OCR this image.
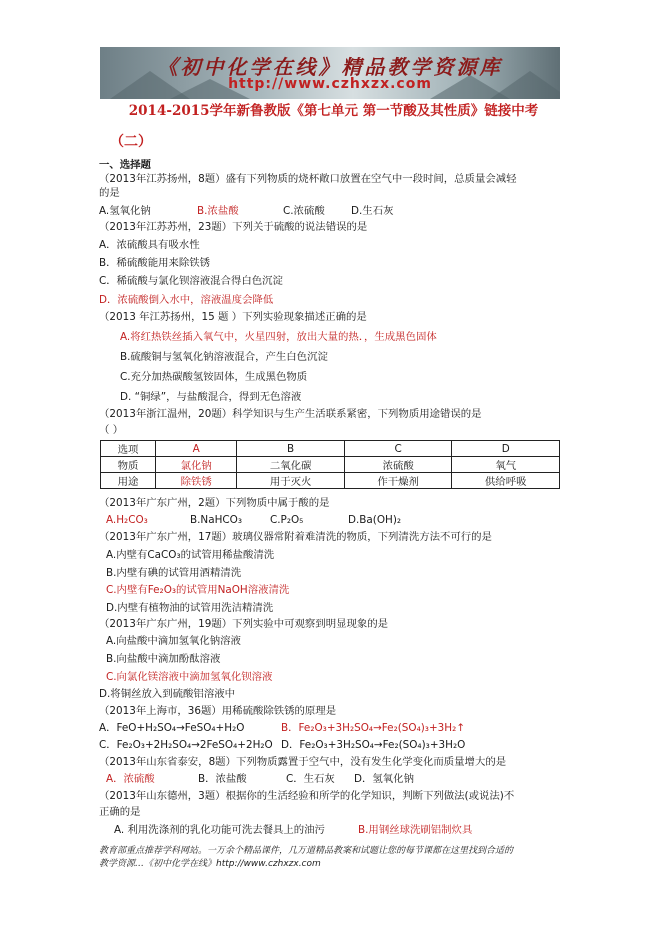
《初中化学在线》精品教学资源库
http://www.czhxzx.com
2014-2015学年新鲁教版《第七单元 第一节酸及其性质》链接中考
（二）
一、选择题
（2013年江苏扬州，8题）盛有下列物质的烧杯敞口放置在空气中一段时间，总质量会减轻
的是
A.氢氧化钠	B.浓盐酸	C.浓硫酸	D.生石灰
（2013年江苏苏州，23题）下列关于硫酸的说法错误的是
A．浓硫酸具有吸水性
B．稀硫酸能用来除铁锈
C．稀硫酸与氯化钡溶液混合得白色沉淀
D．浓硫酸倒入水中，溶液温度会降低
（2013 年江苏扬州，15 题 ）下列实验现象描述正确的是
A.将红热铁丝插入氧气中，火星四射，放出大量的热．，生成黑色固体
B.硫酸铜与氢氧化钠溶液混合，产生白色沉淀
C.充分加热碳酸氢铵固体，生成黑色物质
D. “铜绿”，与盐酸混合，得到无色溶液
（2013年浙江温州，20题）科学知识与生产生活联系紧密，下列物质用途错误的是
（ ）
选项	A	B	C	D
物质	氯化钠	二氧化碳	浓硫酸	氧气
用途	除铁锈	用于灭火	作干燥剂	供给呼吸
（2013年广东广州，2题）下列物质中属于酸的是
A.H₂CO₃	B.NaHCO₃	C.P₂O₅	D.Ba(OH)₂
（2013年广东广州，17题）玻璃仪器常附着难清洗的物质，下列清洗方法不可行的是
A.内壁有CaCO₃的试管用稀盐酸清洗
B.内壁有碘的试管用酒精清洗
C.内壁有Fe₂O₃的试管用NaOH溶液清洗
D.内壁有植物油的试管用洗洁精清洗
（2013年广东广州，19题）下列实验中可观察到明显现象的是
A.向盐酸中滴加氢氧化钠溶液
B.向盐酸中滴加酚酞溶液
C.向氯化镁溶液中滴加氢氧化钡溶液
D.将铜丝放入到硫酸铝溶液中
（2013年上海市，36题）用稀硫酸除铁锈的原理是
A．FeO+H₂SO₄→FeSO₄+H₂O	B．Fe₂O₃+3H₂SO₄→Fe₂(SO₄)₃+3H₂↑
C．Fe₂O₃+2H₂SO₄→2FeSO₄+2H₂O D．Fe₂O₃+3H₂SO₄→Fe₂(SO₄)₃+3H₂O
（2013年山东省泰安，8题）下列物质露置于空气中，没有发生化学变化而质量增大的是
A．浓硫酸	B．浓盐酸	C．生石灰 D．氢氧化钠
（2013年山东德州，3题）根据你的生活经验和所学的化学知识，判断下列做法(或说法)不
正确的是
A. 利用洗涤剂的乳化功能可洗去餐具上的油污	B.用钢丝球洗刷铝制炊具
教育部重点推荐学科网站。一万余个精品课件，几万道精品教案和试题让您的每节课都在这里找到合适的
教学资源…《初中化学在线》http://www.czhxzx.com
